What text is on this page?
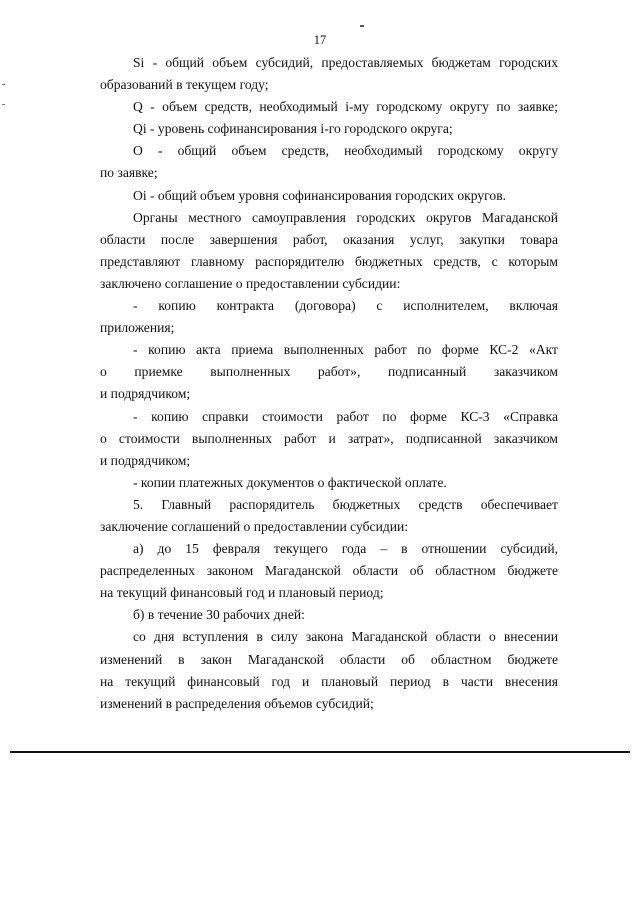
17
Si - общий объем субсидий, предоставляемых бюджетам городских
образований в текущем году;
Q - объем средств, необходимый i-му городскому округу по заявке;
Qi - уровень софинансирования i-го городского округа;
О - общий объем средств, необходимый городскому округу
по заявке;
Oi - общий объем уровня софинансирования городских округов.
Органы местного самоуправления городских округов Магаданской
области после завершения работ, оказания услуг, закупки товара
представляют главному распорядителю бюджетных средств, с которым
заключено соглашение о предоставлении субсидии:
- копию контракта (договора) с исполнителем, включая
приложения;
- копию акта приема выполненных работ по форме КС-2 «Акт
о приемке выполненных работ», подписанный заказчиком
и подрядчиком;
- копию справки стоимости работ по форме КС-3 «Справка
о стоимости выполненных работ и затрат», подписанной заказчиком
и подрядчиком;
- копии платежных документов о фактической оплате.
5. Главный распорядитель бюджетных средств обеспечивает
заключение соглашений о предоставлении субсидии:
а) до 15 февраля текущего года – в отношении субсидий,
распределенных законом Магаданской области об областном бюджете
на текущий финансовый год и плановый период;
б) в течение 30 рабочих дней:
со дня вступления в силу закона Магаданской области о внесении
изменений в закон Магаданской области об областном бюджете
на текущий финансовый год и плановый период в части внесения
изменений в распределения объемов субсидий;
